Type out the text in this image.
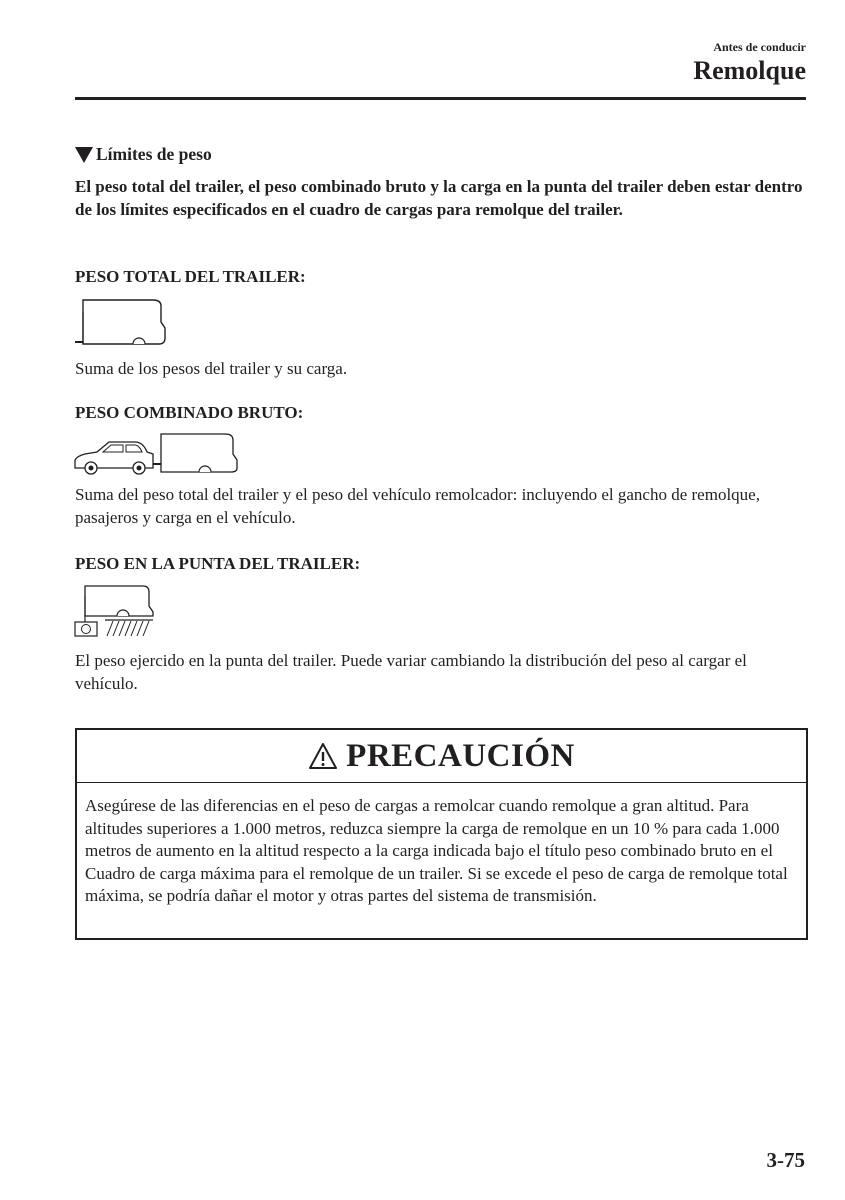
Antes de conducir
Remolque
Límites de peso
El peso total del trailer, el peso combinado bruto y la carga en la punta del trailer deben estar dentro de los límites especificados en el cuadro de cargas para remolque del trailer.
PESO TOTAL DEL TRAILER:
Suma de los pesos del trailer y su carga.
PESO COMBINADO BRUTO:
Suma del peso total del trailer y el peso del vehículo remolcador: incluyendo el gancho de remolque, pasajeros y carga en el vehículo.
PESO EN LA PUNTA DEL TRAILER:
El peso ejercido en la punta del trailer. Puede variar cambiando la distribución del peso al cargar el vehículo.
PRECAUCIÓN
Asegúrese de las diferencias en el peso de cargas a remolcar cuando remolque a gran altitud. Para altitudes superiores a 1.000 metros, reduzca siempre la carga de remolque en un 10 % para cada 1.000 metros de aumento en la altitud respecto a la carga indicada bajo el título peso combinado bruto en el Cuadro de carga máxima para el remolque de un trailer. Si se excede el peso de carga de remolque total máxima, se podría dañar el motor y otras partes del sistema de transmisión.
3-75
